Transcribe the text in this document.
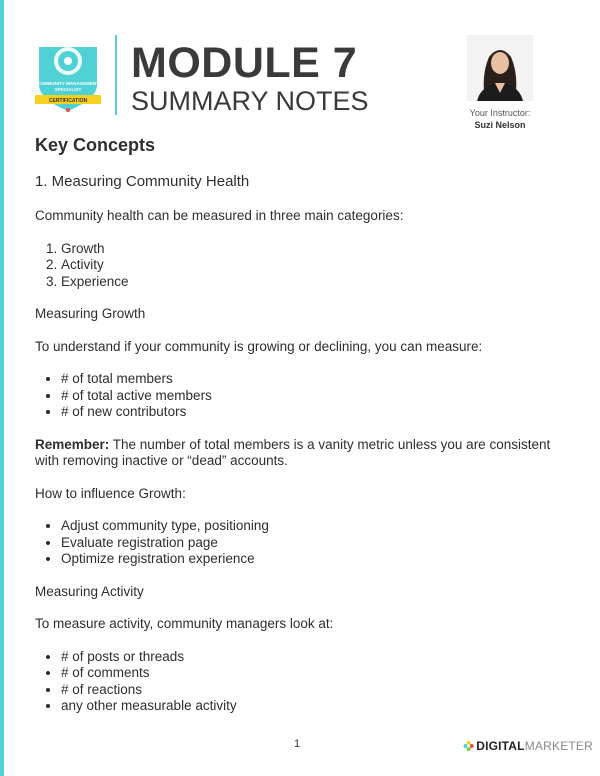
COMMUNITY MANAGEMENT
SPECIALIST
CERTIFICATION
MODULE 7
SUMMARY NOTES	Your Instructor:
Suzi Nelson
Key Concepts
1. Measuring Community Health

Community health can be measured in three main categories:

1. Growth
2. Activity
3. Experience

Measuring Growth

To understand if your community is growing or declining, you can measure:

• # of total members
• # of total active members
• # of new contributors

Remember: The number of total members is a vanity metric unless you are consistent with removing inactive or “dead” accounts.

How to influence Growth:

• Adjust community type, positioning
• Evaluate registration page
• Optimize registration experience

Measuring Activity

To measure activity, community managers look at:

• # of posts or threads
• # of comments
• # of reactions
• any other measurable activity
1	DIGITAL MARKETER
